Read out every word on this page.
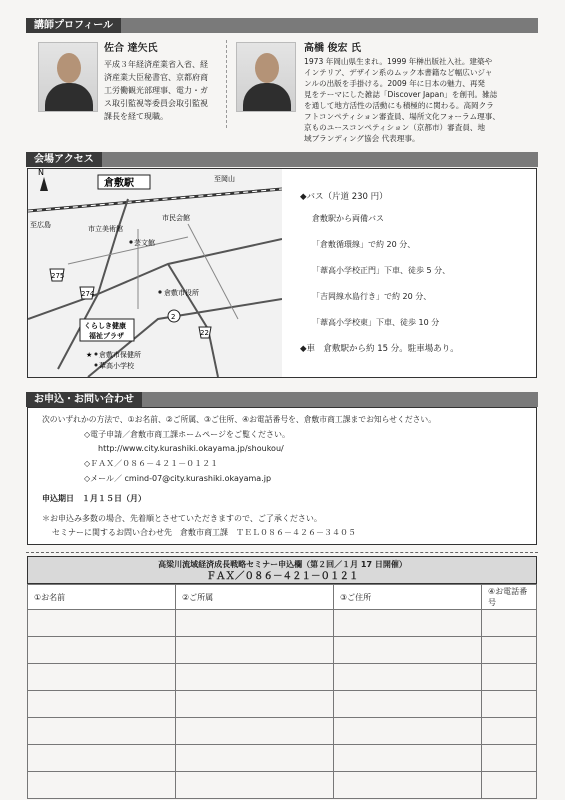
講師プロフィール
佐合 達矢氏
平成３年経済産業省入省、経
済産業大臣秘書官、京都府商
工労働観光部理事、電力・ガ
ス取引監視等委員会取引監視
課長を経て現職。
高橋 俊宏 氏
1973 年岡山県生まれ。1999 年榊出版社入社。建築や
インテリア、デザイン系のムック本書籍など幅広いジャ
ンルの出版を手掛ける。2009 年に日本の魅力、再発
見をテーマにした雑誌「Discover Japan」を創刊。雑誌
を通して地方活性の活動にも積極的に関わる。高岡クラ
フトコンペティション審査員、場所文化フォーラム理事、
京ものユースコンペティション（京都市）審査員、地
域ブランディング協会 代表理事。
会場アクセス
N
倉敷駅
至広島
至岡山
市立美術館
市民会館
芸文館
倉敷市役所
275
274
2
22
くらしき健康
福祉プラザ
★ 倉敷市保健所
葦高小学校
◆バス（片道 230 円）
倉敷駅から両備バス
「倉敷循環線」で約 20 分、
「葦高小学校正門」下車、徒歩 5 分、
「吉岡線水島行き」で約 20 分、
「葦高小学校東」下車、徒歩 10 分
◆車　倉敷駅から約 15 分。駐車場あり。
お申込・お問い合わせ
次のいずれかの方法で、①お名前、②ご所属、③ご住所、④お電話番号を、倉敷市商工課までお知らせください。
◇電子申請／倉敷市商工課ホームページをご覧ください。
http://www.city.kurashiki.okayama.jp/shoukou/
◇ＦＡＸ／０８６－４２１－０１２１
◇メール／ cmind-07@city.kurashiki.okayama.jp
申込期日　１月１５日（月）
＊お申込み多数の場合、先着順とさせていただきますので、ご了承ください。
セミナーに関するお問い合わせ先　倉敷市商工課　ＴＥＬ０８６－４２６－３４０５
高梁川流域経済成長戦略セミナー申込欄（第２回／１月 17 日開催）
ＦＡＸ／０８６－４２１－０１２１
①お名前	②ご所属	③ご住所	④お電話番号
